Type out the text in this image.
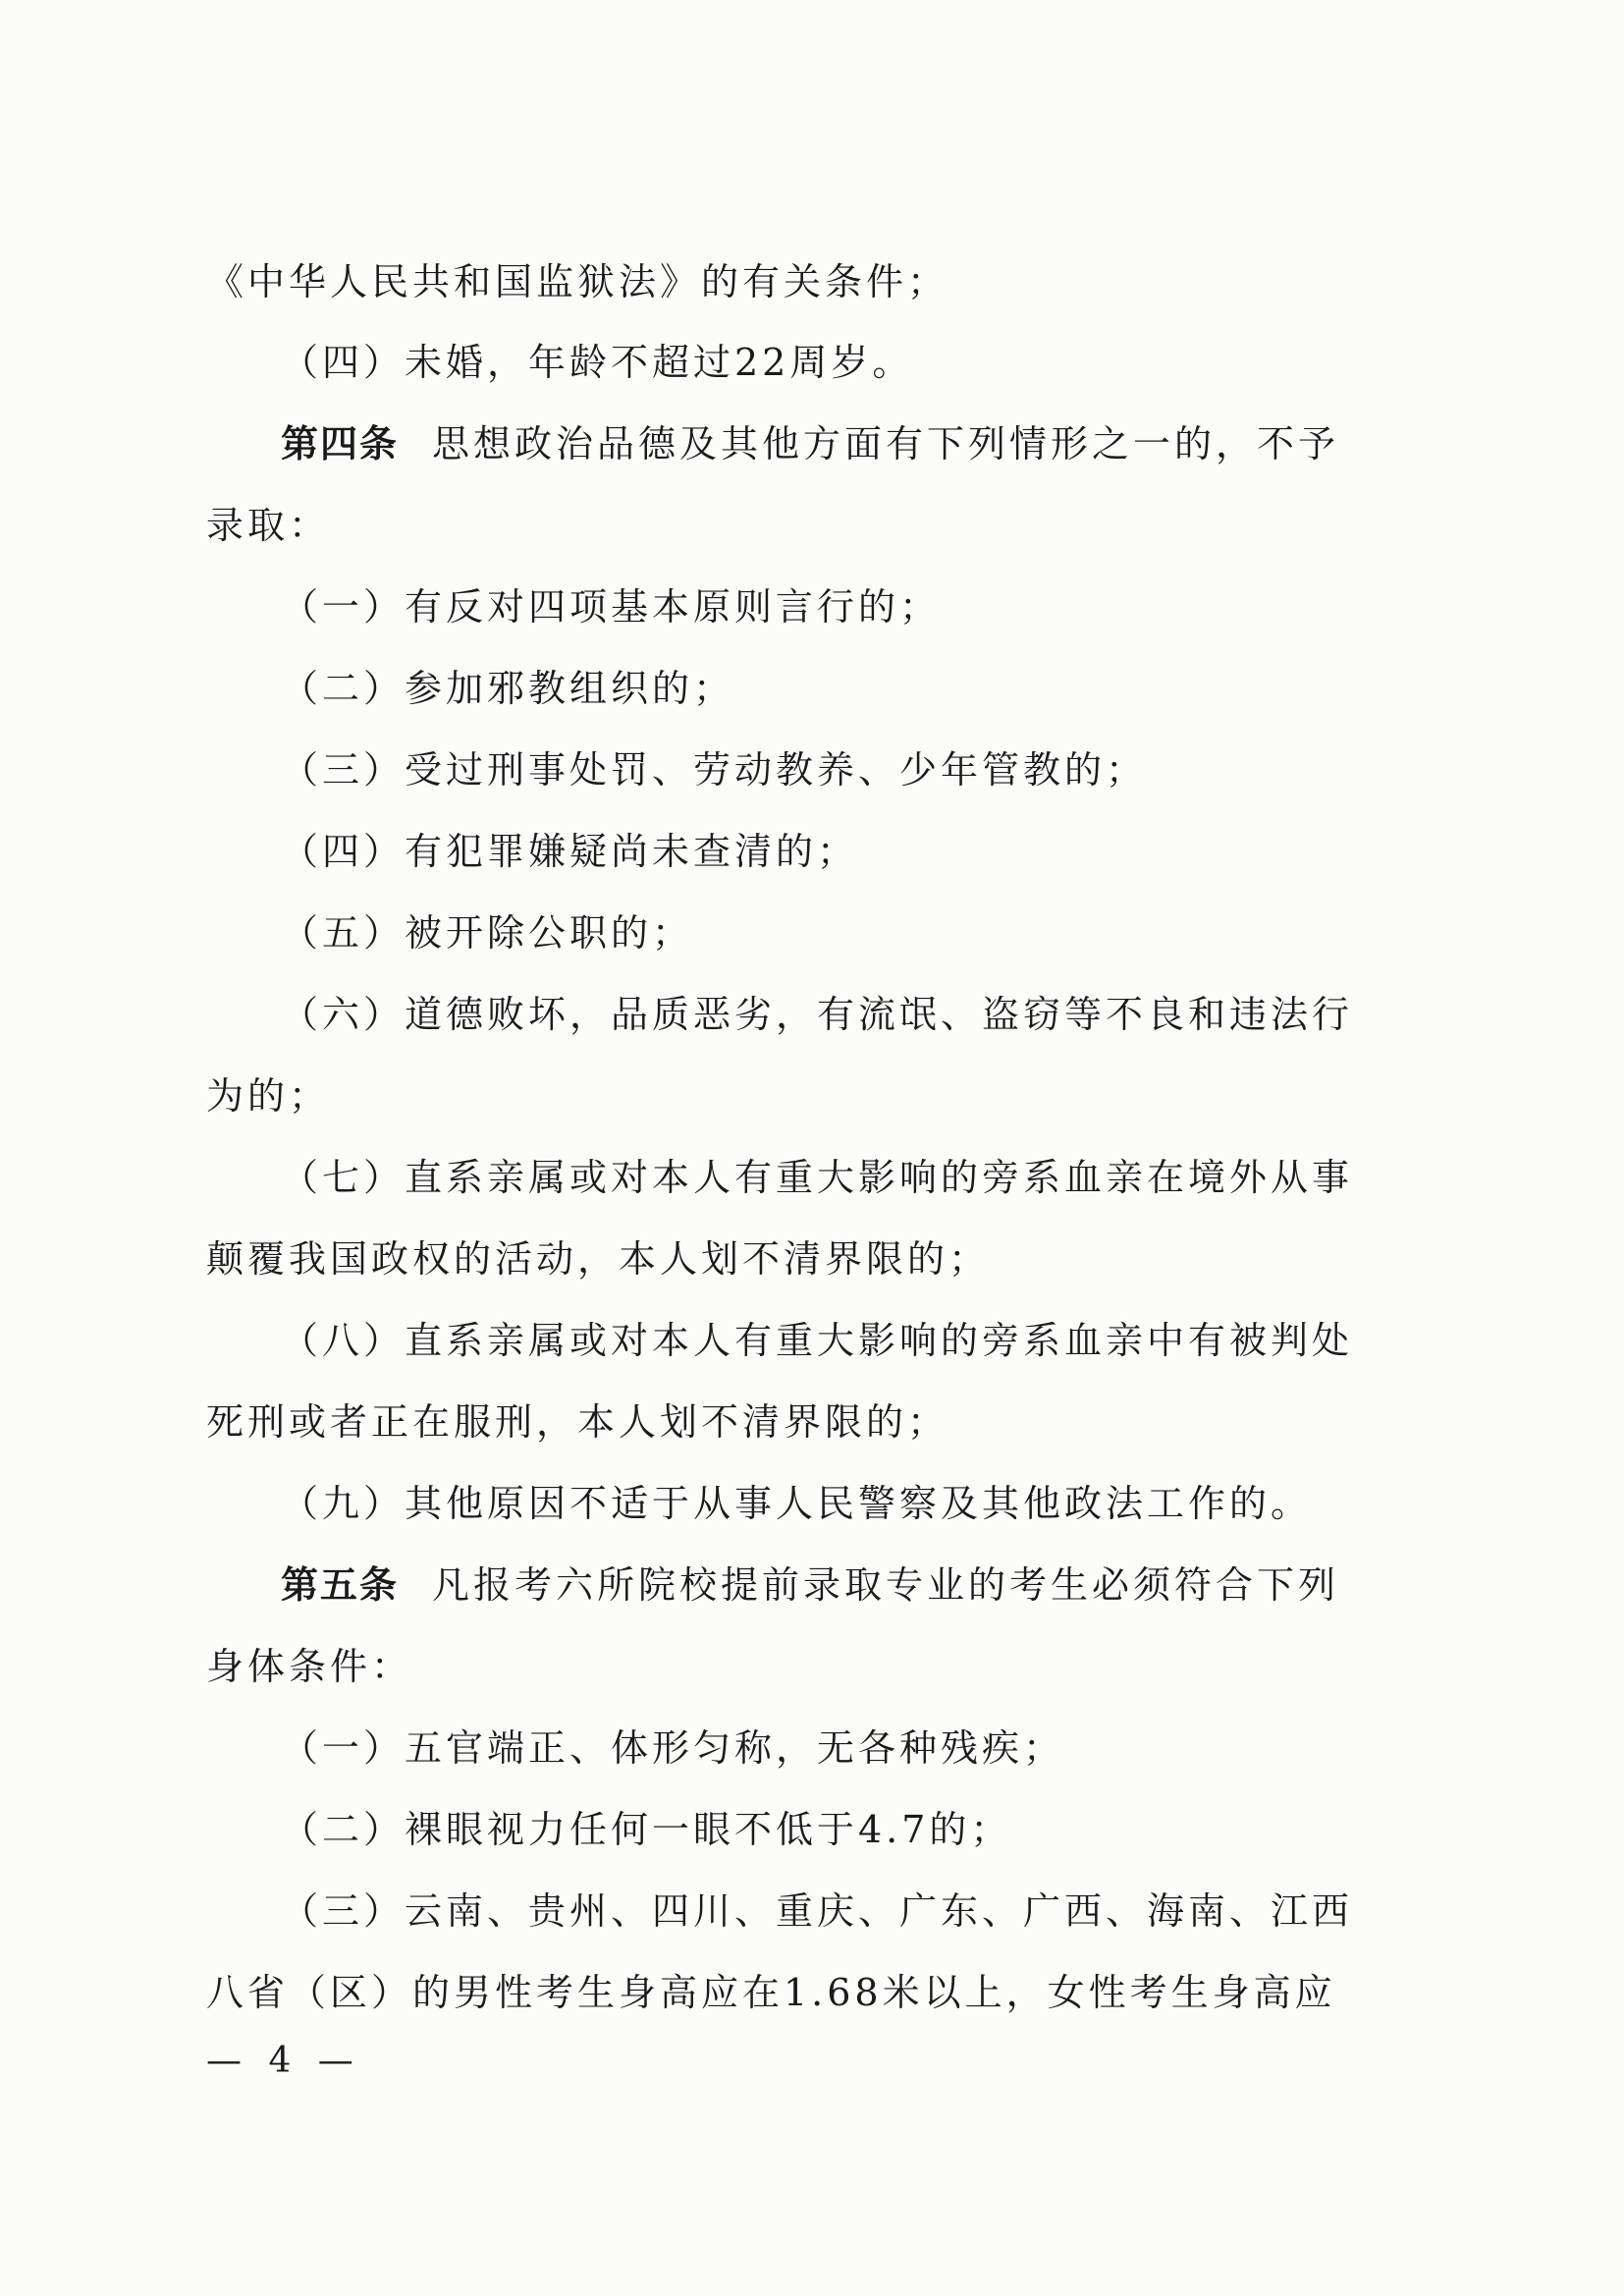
《中华人民共和国监狱法》的有关条件；
（四）未婚，年龄不超过22周岁。
第四条 思想政治品德及其他方面有下列情形之一的，不予
录取：
（一）有反对四项基本原则言行的；
（二）参加邪教组织的；
（三）受过刑事处罚、劳动教养、少年管教的；
（四）有犯罪嫌疑尚未查清的；
（五）被开除公职的；
（六）道德败坏，品质恶劣，有流氓、盗窃等不良和违法行
为的；
（七）直系亲属或对本人有重大影响的旁系血亲在境外从事
颠覆我国政权的活动，本人划不清界限的；
（八）直系亲属或对本人有重大影响的旁系血亲中有被判处
死刑或者正在服刑，本人划不清界限的；
（九）其他原因不适于从事人民警察及其他政法工作的。
第五条 凡报考六所院校提前录取专业的考生必须符合下列
身体条件：
（一）五官端正、体形匀称，无各种残疾；
（二）裸眼视力任何一眼不低于4.7的；
（三）云南、贵州、四川、重庆、广东、广西、海南、江西
八省（区）的男性考生身高应在1.68米以上，女性考生身高应
— 4 —
